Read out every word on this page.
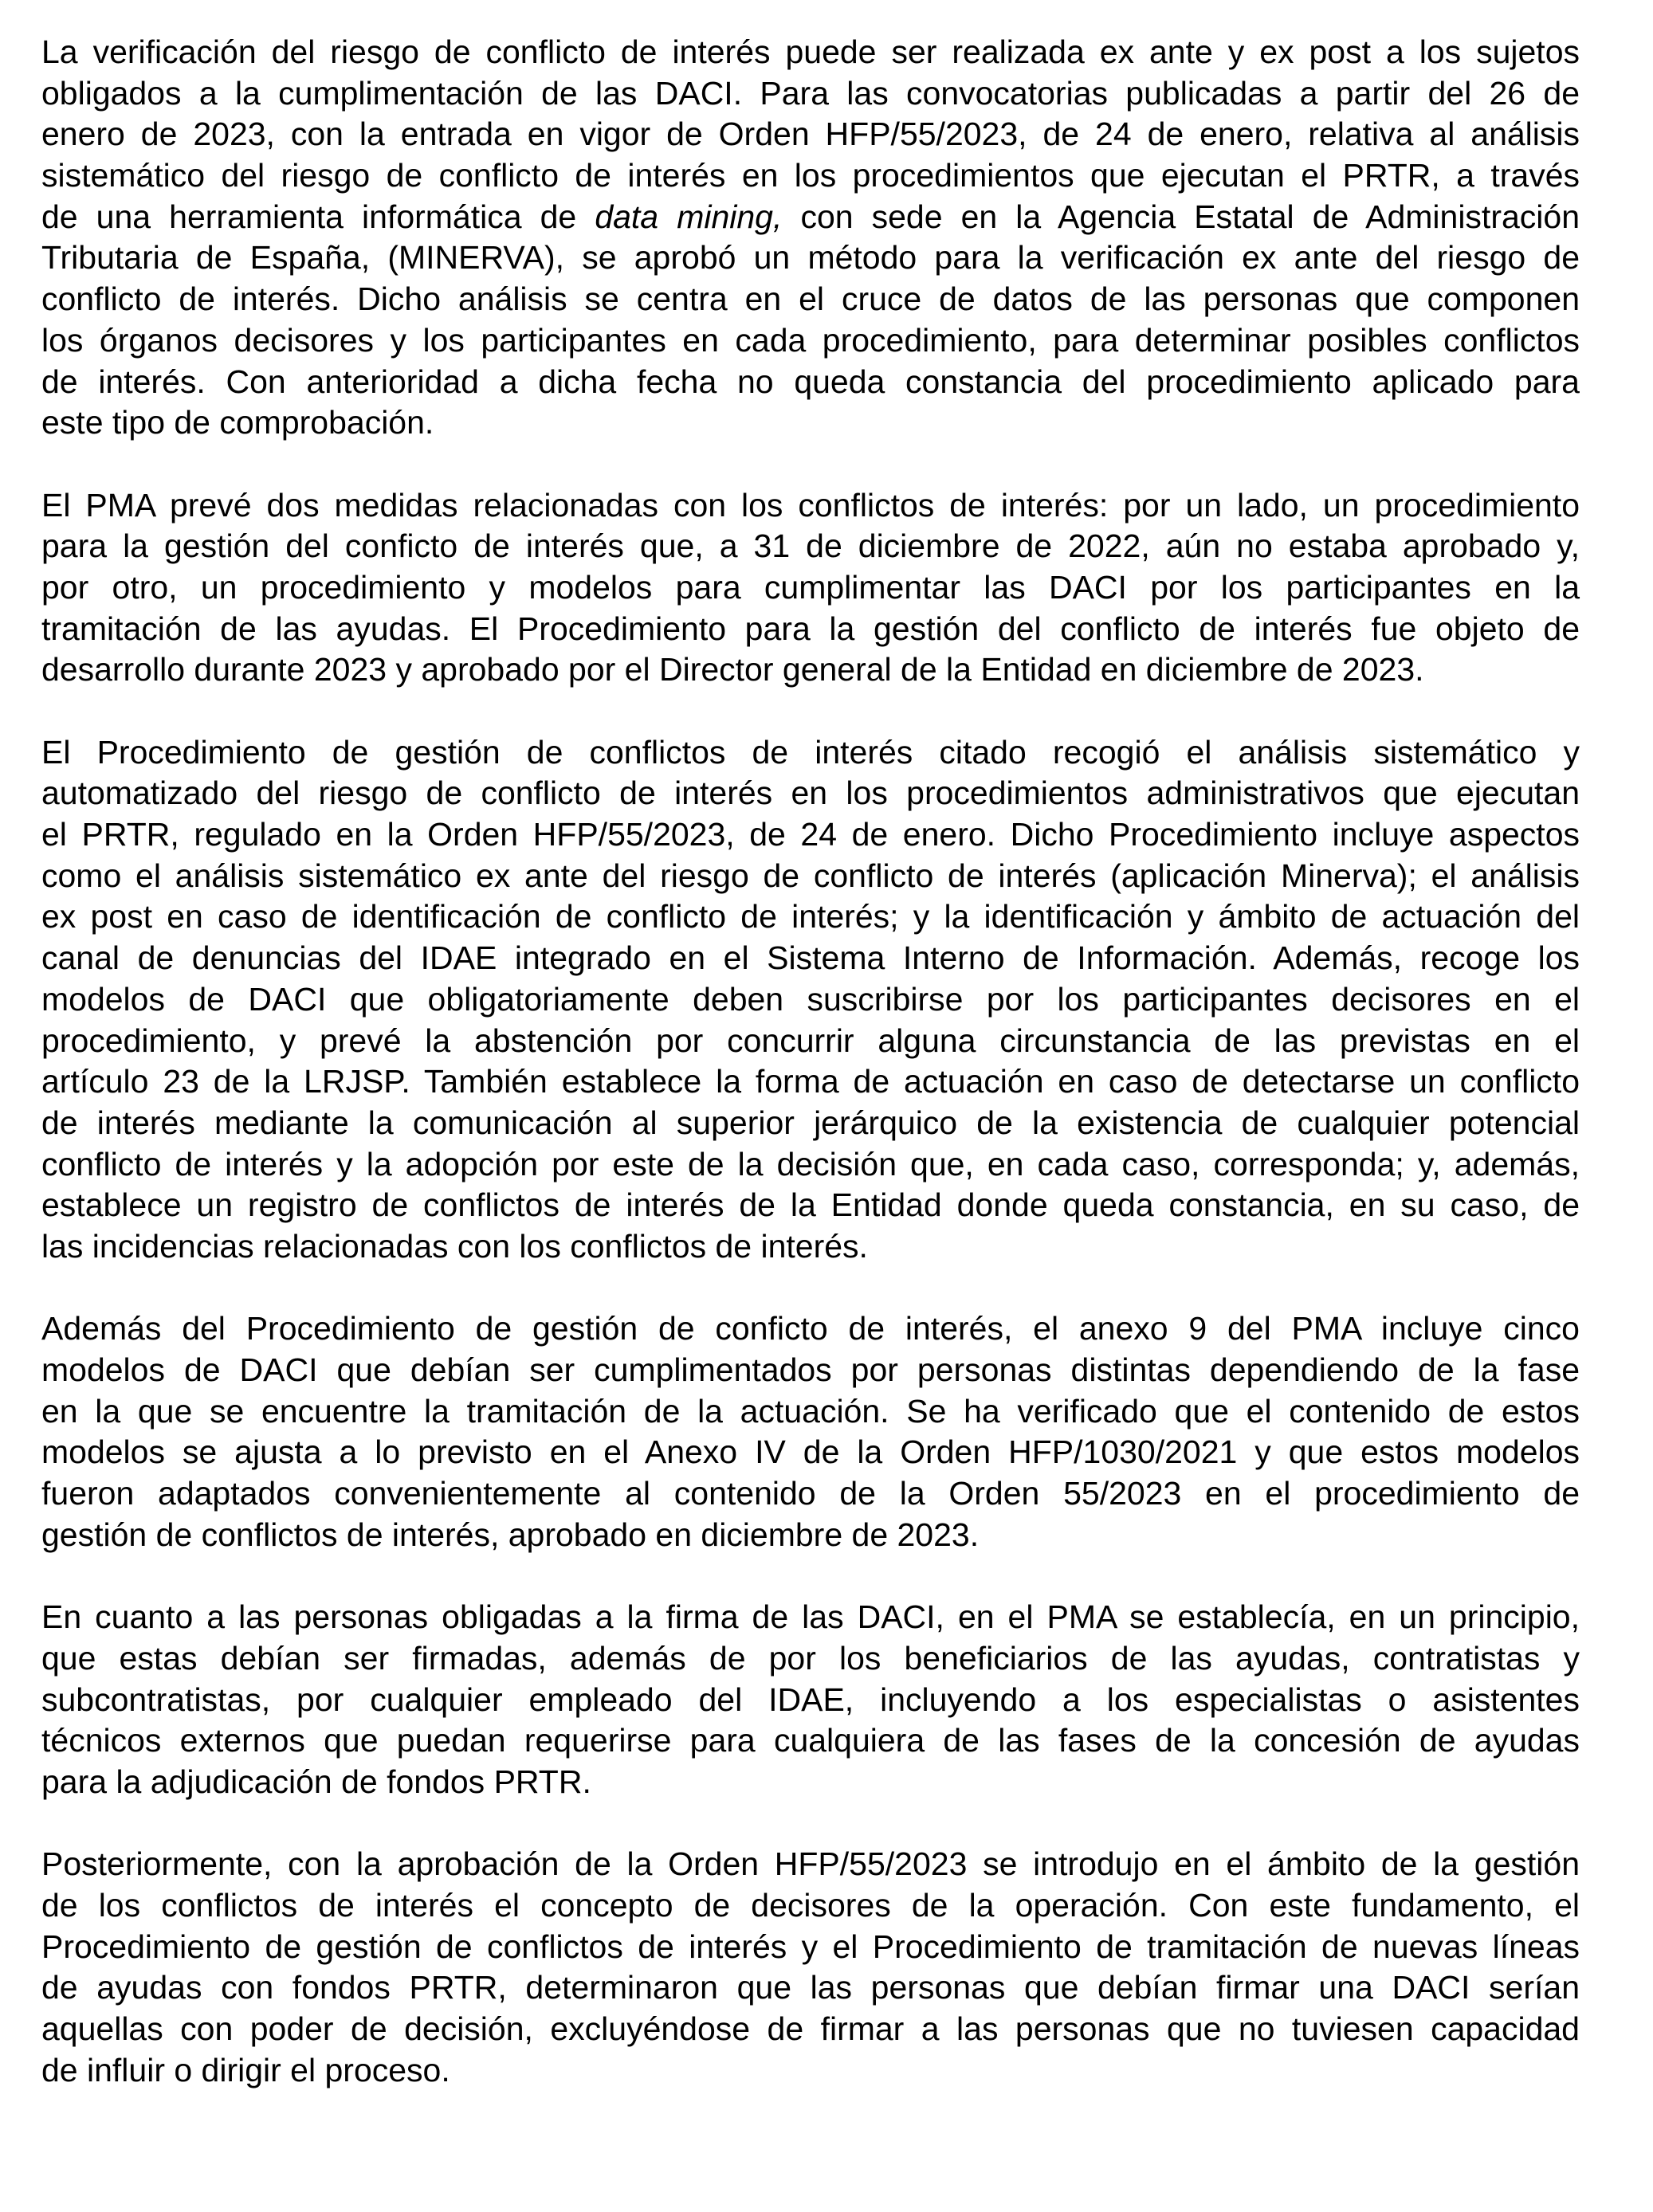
La verificación del riesgo de conflicto de interés puede ser realizada ex ante y ex post a los sujetos
obligados a la cumplimentación de las DACI. Para las convocatorias publicadas a partir del 26 de
enero de 2023, con la entrada en vigor de Orden HFP/55/2023, de 24 de enero, relativa al análisis
sistemático del riesgo de conflicto de interés en los procedimientos que ejecutan el PRTR, a través
de una herramienta informática de data mining, con sede en la Agencia Estatal de Administración
Tributaria de España, (MINERVA), se aprobó un método para la verificación ex ante del riesgo de
conflicto de interés. Dicho análisis se centra en el cruce de datos de las personas que componen
los órganos decisores y los participantes en cada procedimiento, para determinar posibles conflictos
de interés. Con anterioridad a dicha fecha no queda constancia del procedimiento aplicado para
este tipo de comprobación.

El PMA prevé dos medidas relacionadas con los conflictos de interés: por un lado, un procedimiento
para la gestión del conficto de interés que, a 31 de diciembre de 2022, aún no estaba aprobado y,
por otro, un procedimiento y modelos para cumplimentar las DACI por los participantes en la
tramitación de las ayudas. El Procedimiento para la gestión del conflicto de interés fue objeto de
desarrollo durante 2023 y aprobado por el Director general de la Entidad en diciembre de 2023.

El Procedimiento de gestión de conflictos de interés citado recogió el análisis sistemático y
automatizado del riesgo de conflicto de interés en los procedimientos administrativos que ejecutan
el PRTR, regulado en la Orden HFP/55/2023, de 24 de enero. Dicho Procedimiento incluye aspectos
como el análisis sistemático ex ante del riesgo de conflicto de interés (aplicación Minerva); el análisis
ex post en caso de identificación de conflicto de interés; y la identificación y ámbito de actuación del
canal de denuncias del IDAE integrado en el Sistema Interno de Información. Además, recoge los
modelos de DACI que obligatoriamente deben suscribirse por los participantes decisores en el
procedimiento, y prevé la abstención por concurrir alguna circunstancia de las previstas en el
artículo 23 de la LRJSP. También establece la forma de actuación en caso de detectarse un conflicto
de interés mediante la comunicación al superior jerárquico de la existencia de cualquier potencial
conflicto de interés y la adopción por este de la decisión que, en cada caso, corresponda; y, además,
establece un registro de conflictos de interés de la Entidad donde queda constancia, en su caso, de
las incidencias relacionadas con los conflictos de interés.

Además del Procedimiento de gestión de conficto de interés, el anexo 9 del PMA incluye cinco
modelos de DACI que debían ser cumplimentados por personas distintas dependiendo de la fase
en la que se encuentre la tramitación de la actuación. Se ha verificado que el contenido de estos
modelos se ajusta a lo previsto en el Anexo IV de la Orden HFP/1030/2021 y que estos modelos
fueron adaptados convenientemente al contenido de la Orden 55/2023 en el procedimiento de
gestión de conflictos de interés, aprobado en diciembre de 2023.

En cuanto a las personas obligadas a la firma de las DACI, en el PMA se establecía, en un principio,
que estas debían ser firmadas, además de por los beneficiarios de las ayudas, contratistas y
subcontratistas, por cualquier empleado del IDAE, incluyendo a los especialistas o asistentes
técnicos externos que puedan requerirse para cualquiera de las fases de la concesión de ayudas
para la adjudicación de fondos PRTR.

Posteriormente, con la aprobación de la Orden HFP/55/2023 se introdujo en el ámbito de la gestión
de los conflictos de interés el concepto de decisores de la operación. Con este fundamento, el
Procedimiento de gestión de conflictos de interés y el Procedimiento de tramitación de nuevas líneas
de ayudas con fondos PRTR, determinaron que las personas que debían firmar una DACI serían
aquellas con poder de decisión, excluyéndose de firmar a las personas que no tuviesen capacidad
de influir o dirigir el proceso.
